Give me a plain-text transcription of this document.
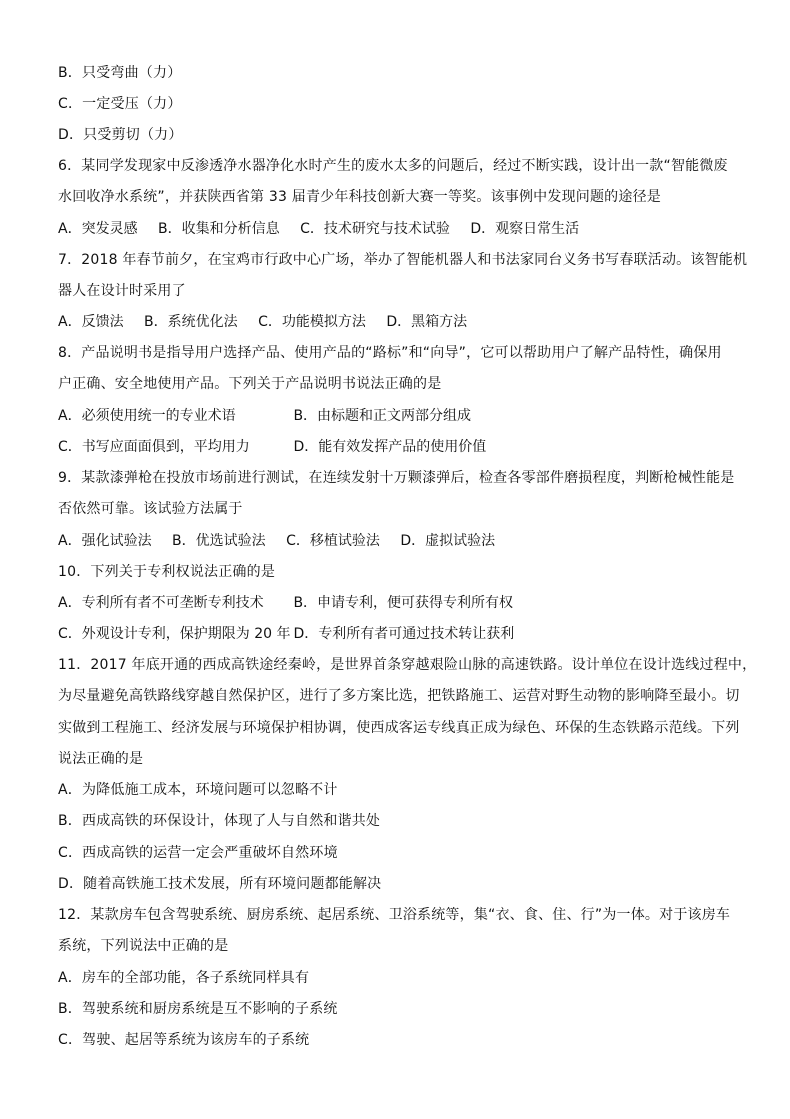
B．只受弯曲（力）
C．一定受压（力）
D．只受剪切（力）
6．某同学发现家中反渗透净水器净化水时产生的废水太多的问题后，经过不断实践，设计出一款“智能微废
水回收净水系统”，并获陕西省第 33 届青少年科技创新大赛一等奖。该事例中发现问题的途径是
A．突发灵感 B．收集和分析信息 C．技术研究与技术试验 D．观察日常生活
7．2018 年春节前夕，在宝鸡市行政中心广场，举办了智能机器人和书法家同台义务书写春联活动。该智能机
器人在设计时采用了
A．反馈法 B．系统优化法 C．功能模拟方法 D．黑箱方法
8．产品说明书是指导用户选择产品、使用产品的“路标”和“向导”，它可以帮助用户了解产品特性，确保用
户正确、安全地使用产品。下列关于产品说明书说法正确的是
A．必须使用统一的专业术语	B．由标题和正文两部分组成
C．书写应面面俱到，平均用力	D．能有效发挥产品的使用价值
9．某款漆弹枪在投放市场前进行测试，在连续发射十万颗漆弹后，检查各零部件磨损程度，判断枪械性能是
否依然可靠。该试验方法属于
A．强化试验法 B．优选试验法 C．移植试验法 D．虚拟试验法
10．下列关于专利权说法正确的是
A．专利所有者不可垄断专利技术 B．申请专利，便可获得专利所有权
C．外观设计专利，保护期限为 20 年 D．专利所有者可通过技术转让获利
11．2017 年底开通的西成高铁途经秦岭，是世界首条穿越艰险山脉的高速铁路。设计单位在设计选线过程中，
为尽量避免高铁路线穿越自然保护区，进行了多方案比选，把铁路施工、运营对野生动物的影响降至最小。切
实做到工程施工、经济发展与环境保护相协调，使西成客运专线真正成为绿色、环保的生态铁路示范线。下列
说法正确的是
A．为降低施工成本，环境问题可以忽略不计
B．西成高铁的环保设计，体现了人与自然和谐共处
C．西成高铁的运营一定会严重破坏自然环境
D．随着高铁施工技术发展，所有环境问题都能解决
12．某款房车包含驾驶系统、厨房系统、起居系统、卫浴系统等，集“衣、食、住、行”为一体。对于该房车
系统，下列说法中正确的是
A．房车的全部功能，各子系统同样具有
B．驾驶系统和厨房系统是互不影响的子系统
C．驾驶、起居等系统为该房车的子系统
